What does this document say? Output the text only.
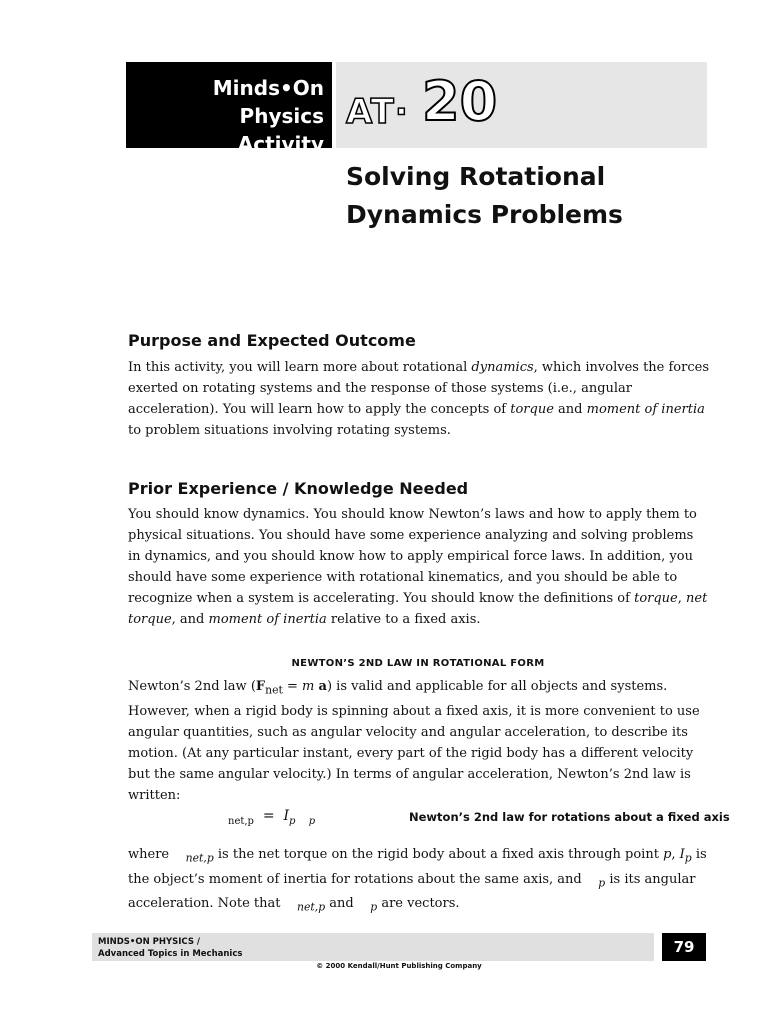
Minds•On Physics
Activity
AT· 20
Solving Rotational
Dynamics Problems
Purpose and Expected Outcome
In this activity, you will learn more about rotational dynamics, which involves the forces
exerted on rotating systems and the response of those systems (i.e., angular
acceleration). You will learn how to apply the concepts of torque and moment of inertia
to problem situations involving rotating systems.
Prior Experience / Knowledge Needed
You should know dynamics. You should know Newton’s laws and how to apply them to
physical situations. You should have some experience analyzing and solving problems
in dynamics, and you should know how to apply empirical force laws. In addition, you
should have some experience with rotational kinematics, and you should be able to
recognize when a system is accelerating. You should know the definitions of torque, net
torque, and moment of inertia relative to a fixed axis.
NEWTON’S 2ND LAW IN ROTATIONAL FORM
Newton’s 2nd law ($F_{net} = m$ a) is valid and applicable for all objects and systems.
However, when a rigid body is spinning about a fixed axis, it is more convenient to use
angular quantities, such as angular velocity and angular acceleration, to describe its
motion. (At any particular instant, every part of the rigid body has a different velocity
but the same angular velocity.) In terms of angular acceleration, Newton’s 2nd law is
written:
$_{net,p} = I_p$ $_p$	Newton’s 2nd law for rotations about a fixed axis
where    $_{net,p}$ is the net torque on the rigid body about a fixed axis through point p, $I_p$ is
the object’s moment of inertia for rotations about the same axis, and    $_p$ is its angular
acceleration. Note that    $_{net,p}$ and    $_p$ are vectors.
MINDS•ON PHYSICS /
Advanced Topics in Mechanics	79
© 2000 Kendall/Hunt Publishing Company
